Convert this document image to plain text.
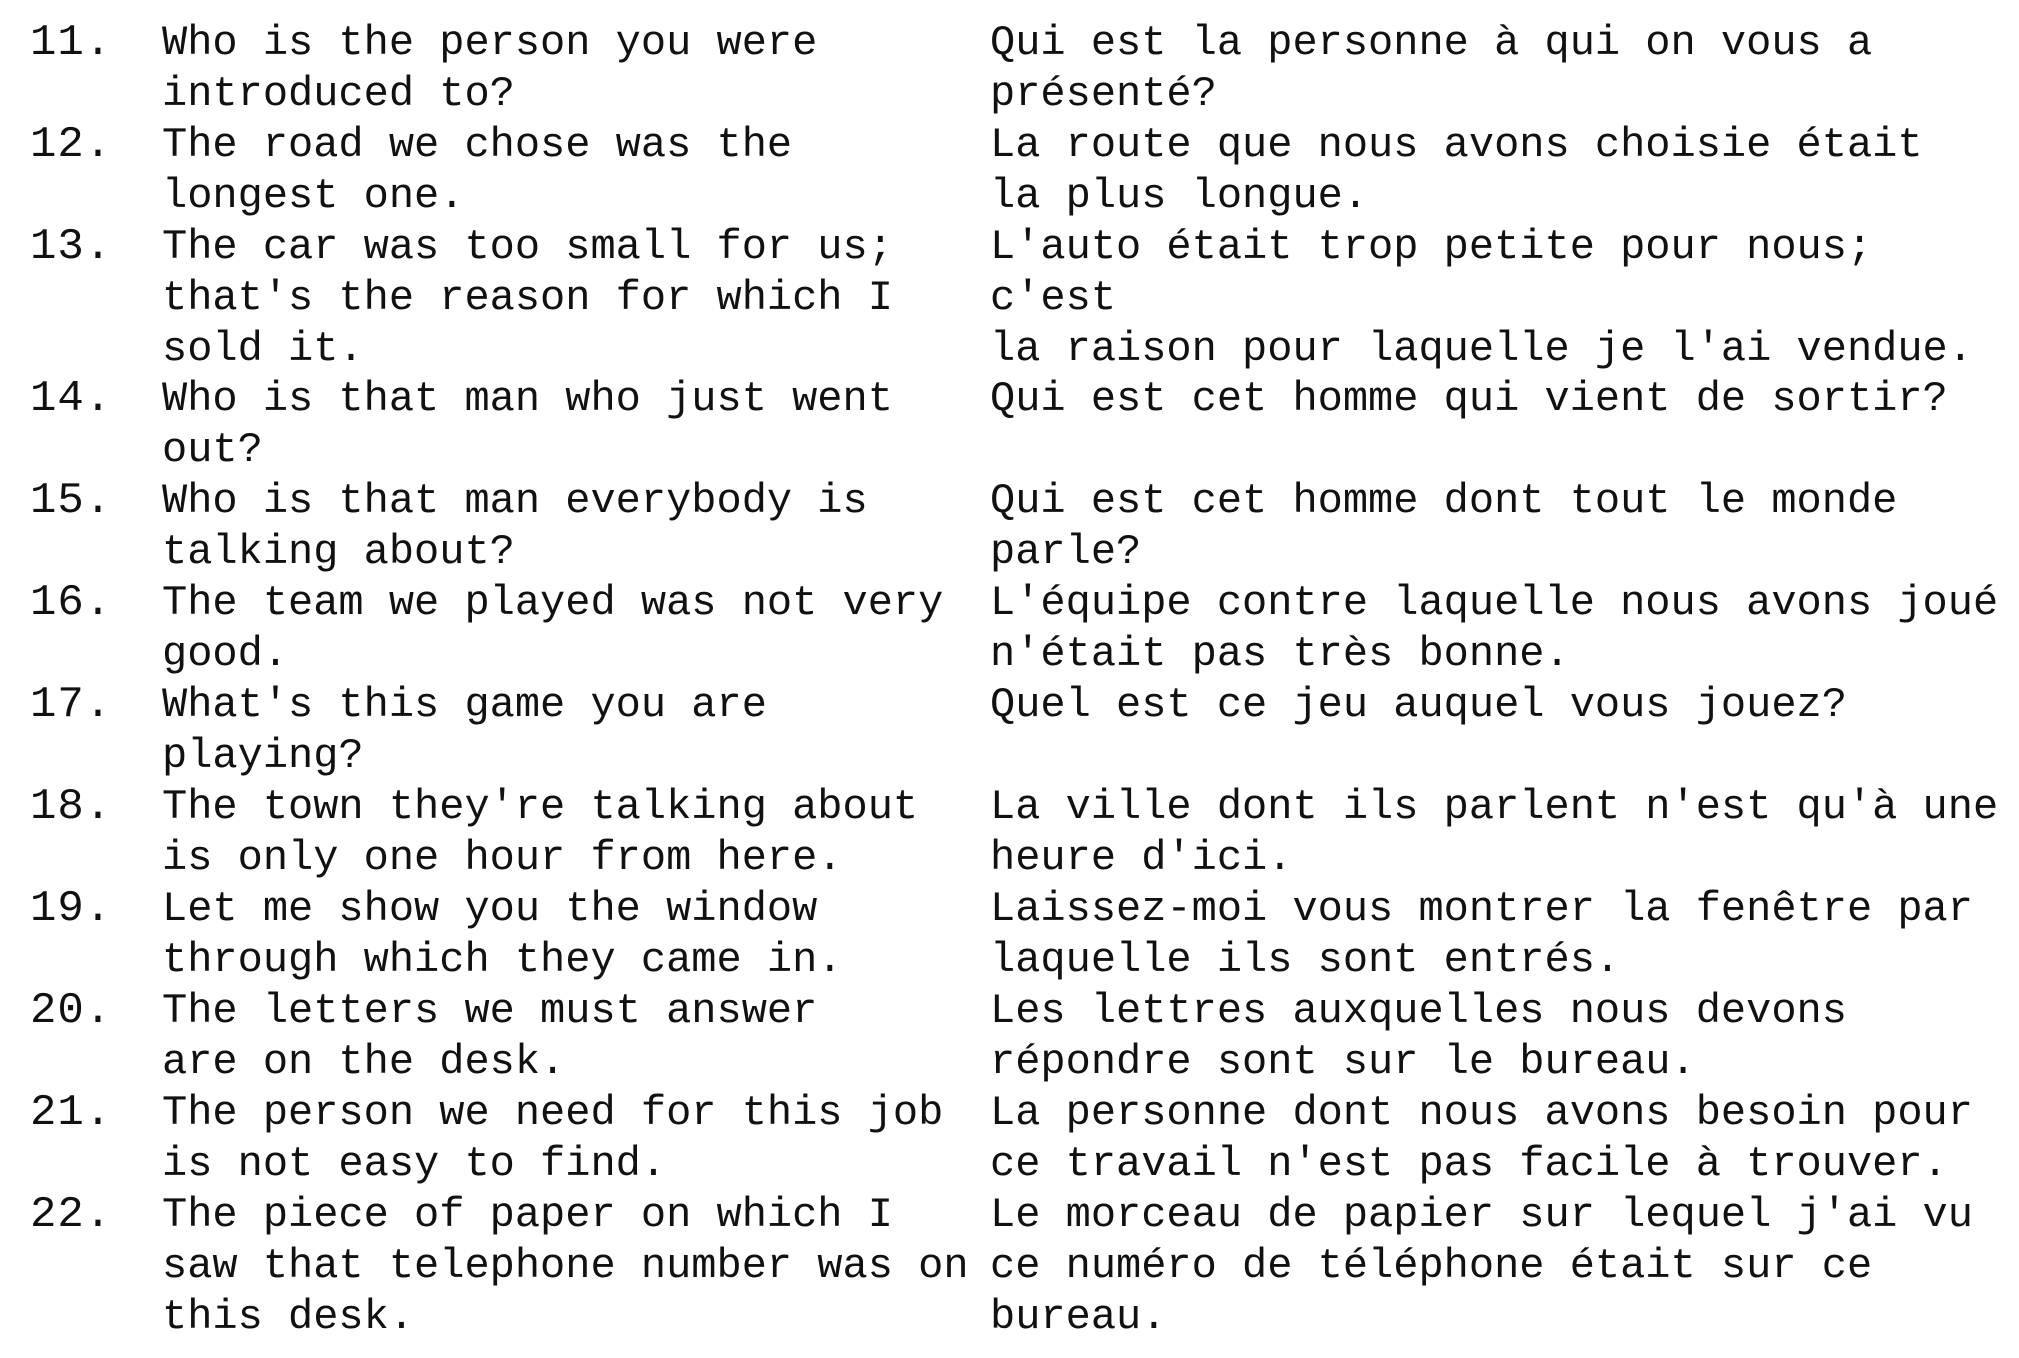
11. Who is the person you were
introduced to?
Qui est la personne à qui on vous a
présenté?
12. The road we chose was the
longest one.
La route que nous avons choisie était
la plus longue.
13. The car was too small for us;
that's the reason for which I
sold it.
L'auto était trop petite pour nous; c'est
la raison pour laquelle je l'ai vendue.
14. Who is that man who just went
out?
Qui est cet homme qui vient de sortir?
15. Who is that man everybody is
talking about?
Qui est cet homme dont tout le monde
parle?
16. The team we played was not very
good.
L'équipe contre laquelle nous avons joué
n'était pas très bonne.
17. What's this game you are
playing?
Quel est ce jeu auquel vous jouez?
18. The town they're talking about
is only one hour from here.
La ville dont ils parlent n'est qu'à une
heure d'ici.
19. Let me show you the window
through which they came in.
Laissez-moi vous montrer la fenêtre par
laquelle ils sont entrés.
20. The letters we must answer
are on the desk.
Les lettres auxquelles nous devons
répondre sont sur le bureau.
21. The person we need for this job
is not easy to find.
La personne dont nous avons besoin pour
ce travail n'est pas facile à trouver.
22. The piece of paper on which I
saw that telephone number was on
this desk.
Le morceau de papier sur lequel j'ai vu
ce numéro de téléphone était sur ce
bureau.
